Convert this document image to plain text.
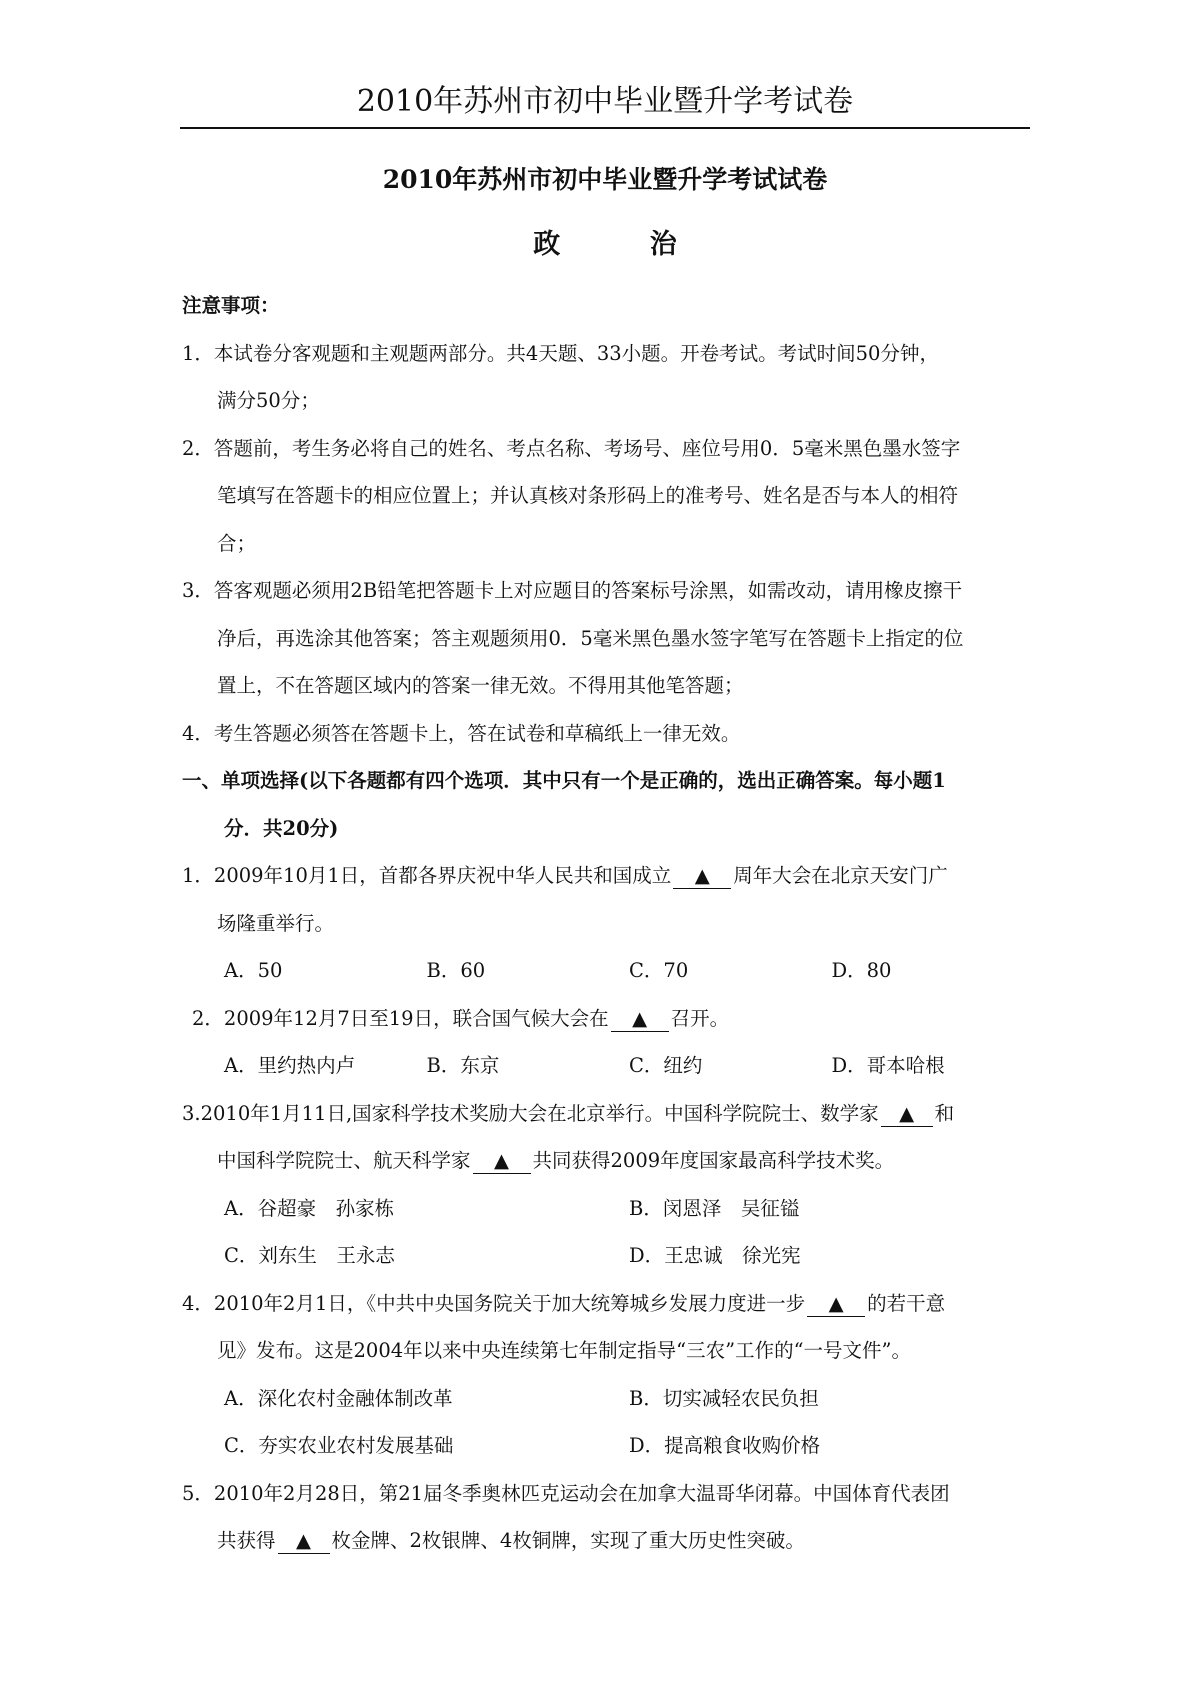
2010年苏州市初中毕业暨升学考试卷
2010年苏州市初中毕业暨升学考试试卷
政 治
注意事项：
1．本试卷分客观题和主观题两部分。共4天题、33小题。开卷考试。考试时间50分钟，
满分50分；
2．答题前，考生务必将自己的姓名、考点名称、考场号、座位号用0．5毫米黑色墨水签字
笔填写在答题卡的相应位置上；并认真核对条形码上的准考号、姓名是否与本人的相符
合；
3．答客观题必须用2B铅笔把答题卡上对应题目的答案标号涂黑，如需改动，请用橡皮擦干
净后，再选涂其他答案；答主观题须用0．5毫米黑色墨水签字笔写在答题卡上指定的位
置上，不在答题区域内的答案一律无效。不得用其他笔答题；
4．考生答题必须答在答题卡上，答在试卷和草稿纸上一律无效。
一、单项选择(以下各题都有四个选项．其中只有一个是正确的，选出正确答案。每小题1
分．共20分)
1．2009年10月1日，首都各界庆祝中华人民共和国成立 ▲ 周年大会在北京天安门广
场隆重举行。
A．50	B．60	C．70	D．80
2．2009年12月7日至19日，联合国气候大会在 ▲ 召开。
A．里约热内卢	B．东京	C．纽约	D．哥本哈根
3.2010年1月11日,国家科学技术奖励大会在北京举行。中国科学院院士、数学家 ▲ 和
中国科学院院士、航天科学家 ▲ 共同获得2009年度国家最高科学技术奖。
A．谷超豪　孙家栋	B．闵恩泽　吴征镒
C．刘东生　王永志	D．王忠诚　徐光宪
4．2010年2月1日，《中共中央国务院关于加大统筹城乡发展力度进一步 ▲ 的若干意
见》发布。这是2004年以来中央连续第七年制定指导“三农”工作的“一号文件”。
A．深化农村金融体制改革	B．切实减轻农民负担
C．夯实农业农村发展基础	D．提高粮食收购价格
5．2010年2月28日，第21届冬季奥林匹克运动会在加拿大温哥华闭幕。中国体育代表团
共获得 ▲ 枚金牌、2枚银牌、4枚铜牌，实现了重大历史性突破。
